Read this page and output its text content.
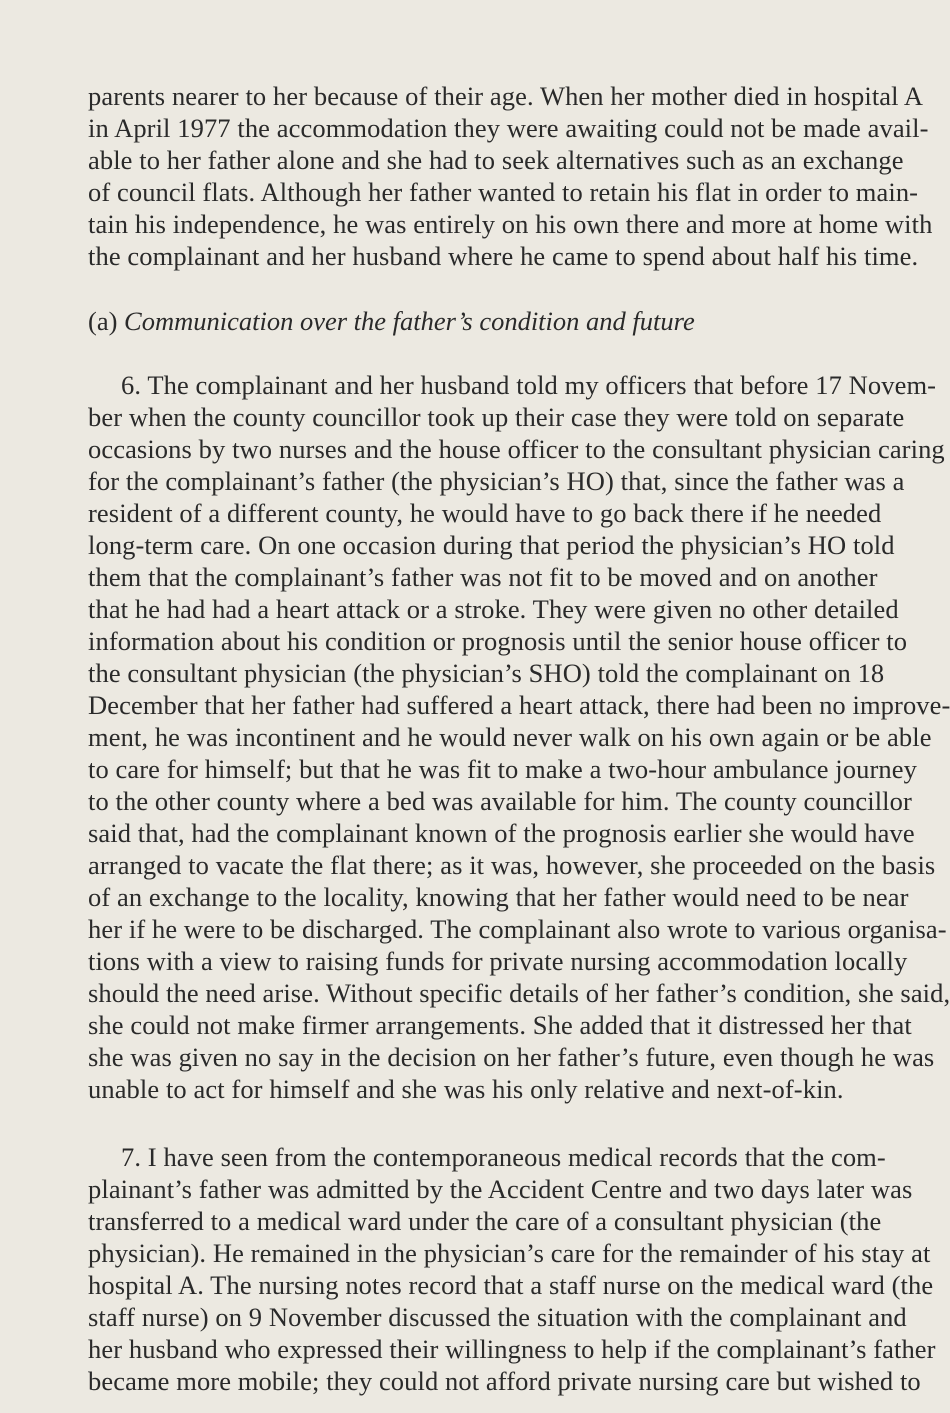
parents nearer to her because of their age. When her mother died in hospital A
in April 1977 the accommodation they were awaiting could not be made avail-
able to her father alone and she had to seek alternatives such as an exchange
of council flats. Although her father wanted to retain his flat in order to main-
tain his independence, he was entirely on his own there and more at home with
the complainant and her husband where he came to spend about half his time.
(a) Communication over the father’s condition and future
6. The complainant and her husband told my officers that before 17 Novem-
ber when the county councillor took up their case they were told on separate
occasions by two nurses and the house officer to the consultant physician caring
for the complainant’s father (the physician’s HO) that, since the father was a
resident of a different county, he would have to go back there if he needed
long-term care. On one occasion during that period the physician’s HO told
them that the complainant’s father was not fit to be moved and on another
that he had had a heart attack or a stroke. They were given no other detailed
information about his condition or prognosis until the senior house officer to
the consultant physician (the physician’s SHO) told the complainant on 18
December that her father had suffered a heart attack, there had been no improve-
ment, he was incontinent and he would never walk on his own again or be able
to care for himself; but that he was fit to make a two-hour ambulance journey
to the other county where a bed was available for him. The county councillor
said that, had the complainant known of the prognosis earlier she would have
arranged to vacate the flat there; as it was, however, she proceeded on the basis
of an exchange to the locality, knowing that her father would need to be near
her if he were to be discharged. The complainant also wrote to various organisa-
tions with a view to raising funds for private nursing accommodation locally
should the need arise. Without specific details of her father’s condition, she said,
she could not make firmer arrangements. She added that it distressed her that
she was given no say in the decision on her father’s future, even though he was
unable to act for himself and she was his only relative and next-of-kin.
7. I have seen from the contemporaneous medical records that the com-
plainant’s father was admitted by the Accident Centre and two days later was
transferred to a medical ward under the care of a consultant physician (the
physician). He remained in the physician’s care for the remainder of his stay at
hospital A. The nursing notes record that a staff nurse on the medical ward (the
staff nurse) on 9 November discussed the situation with the complainant and
her husband who expressed their willingness to help if the complainant’s father
became more mobile; they could not afford private nursing care but wished to
